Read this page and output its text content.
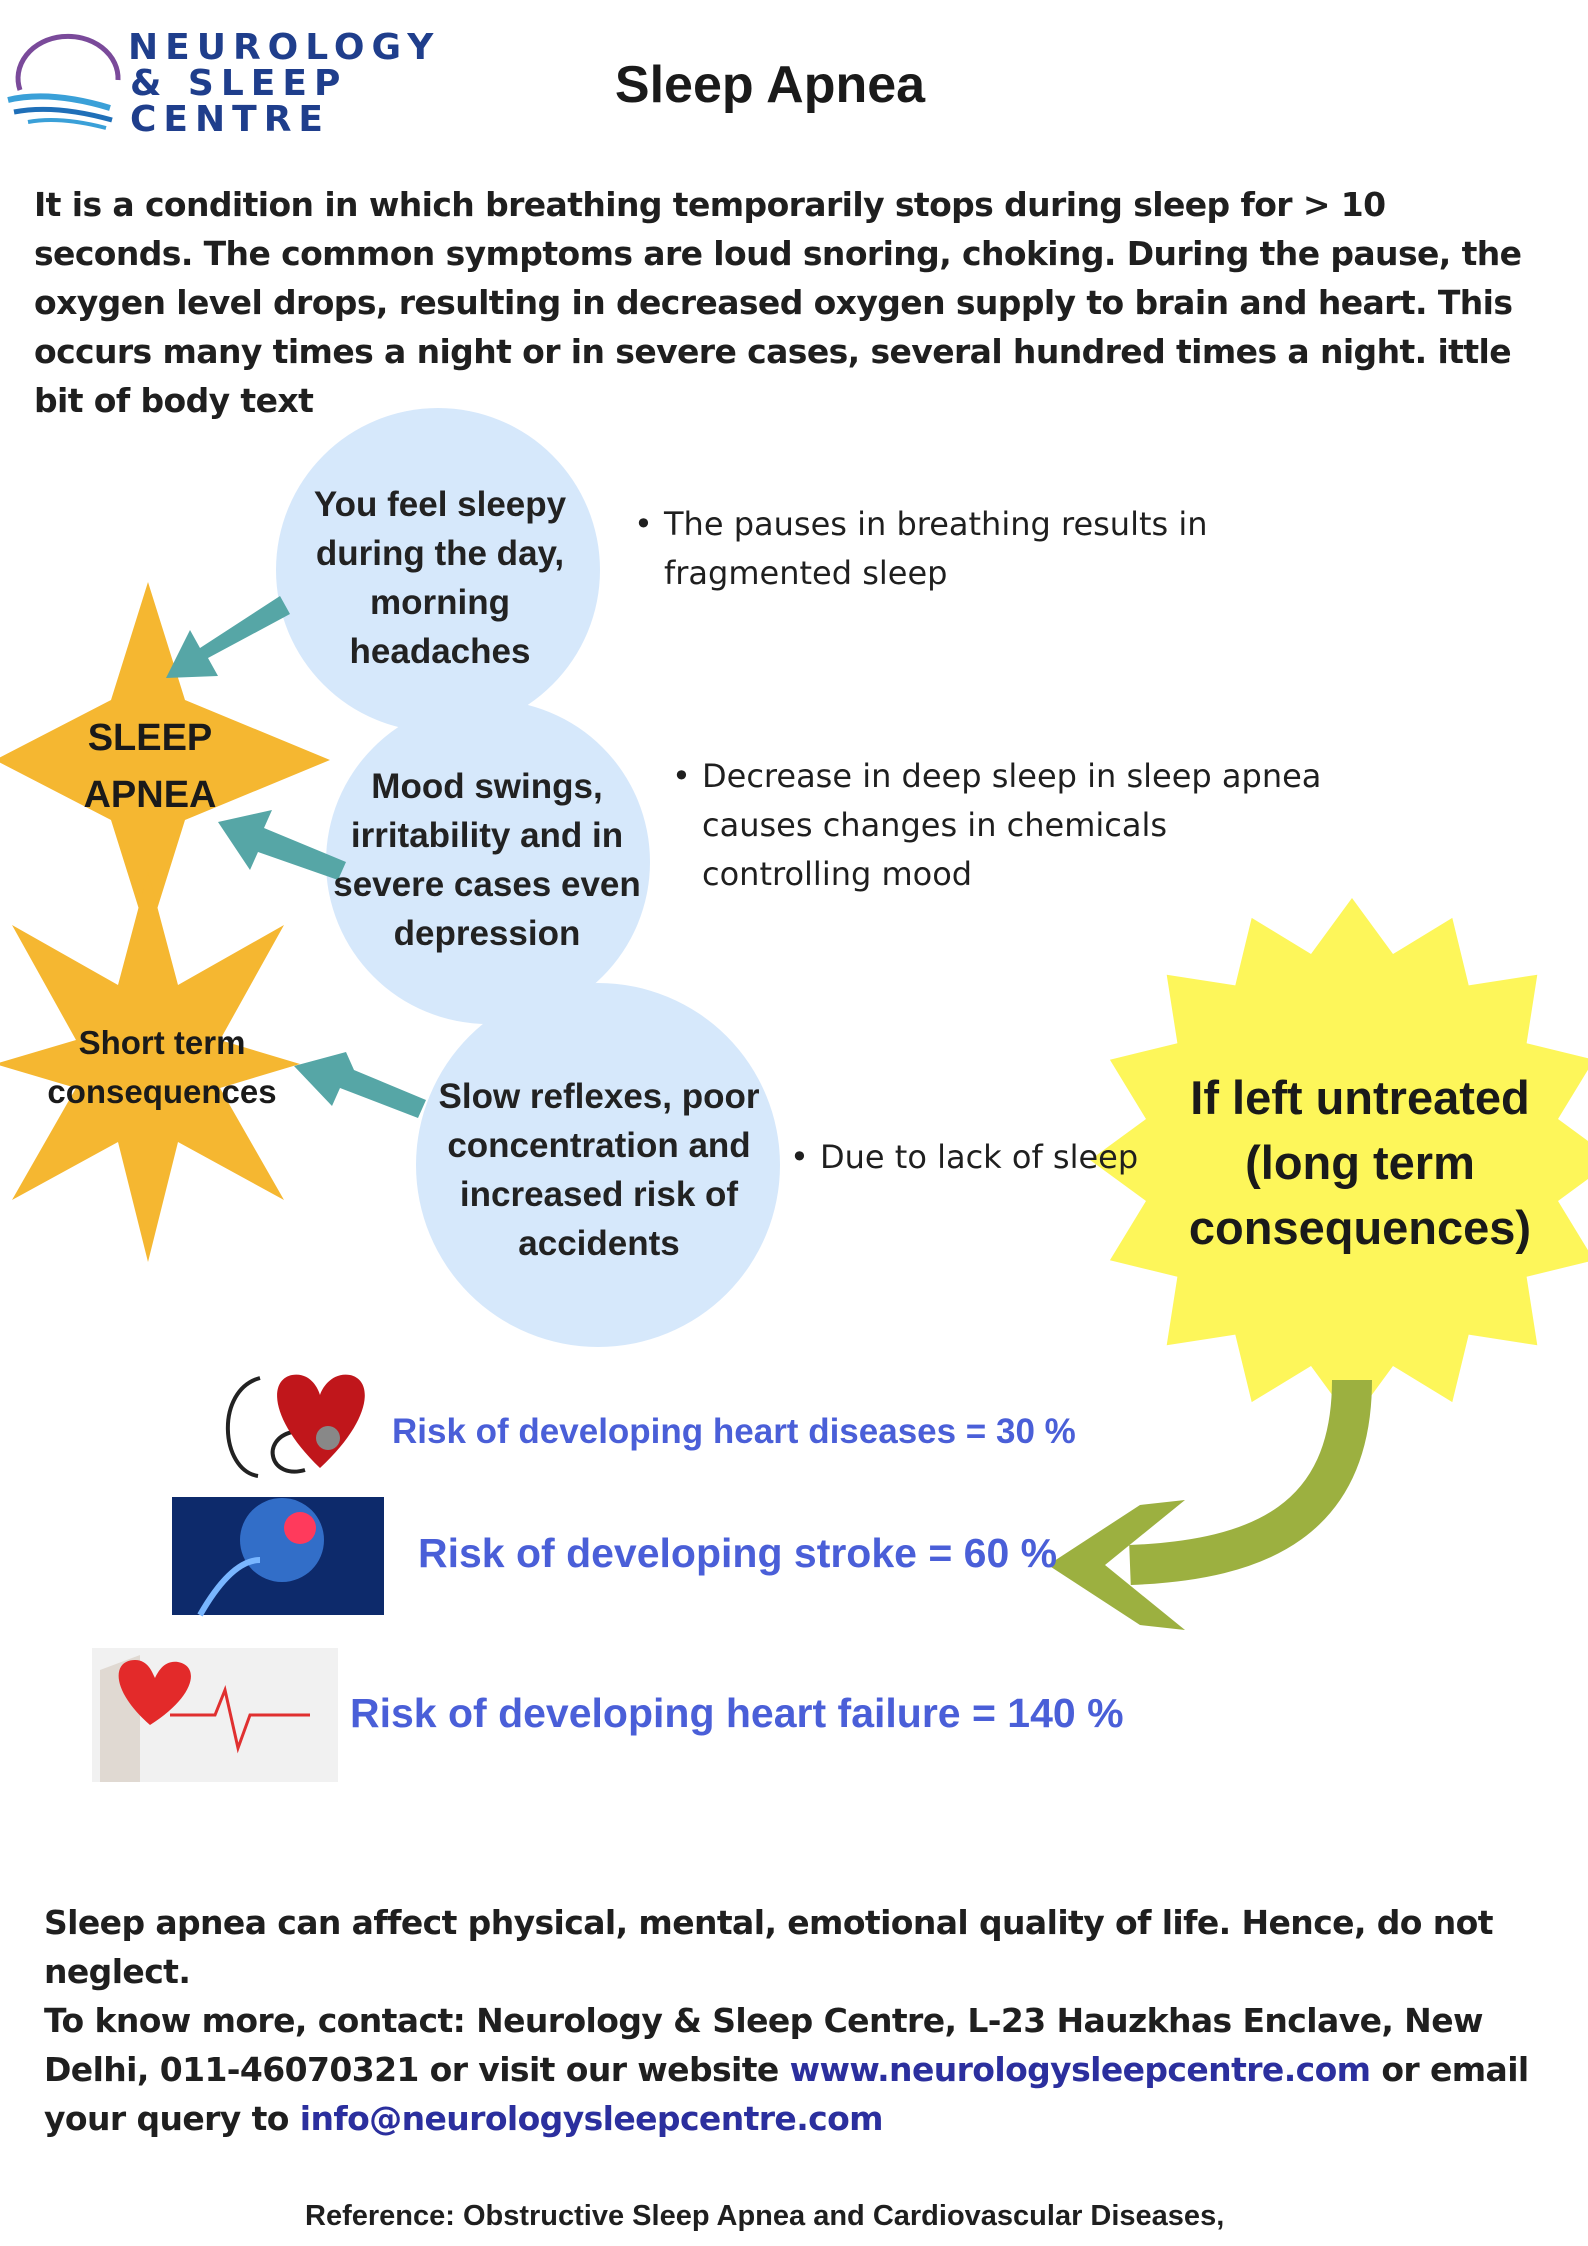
NEUROLOGY
& SLEEP
CENTRE
Sleep Apnea
It is a condition in which breathing temporarily stops during sleep for > 10 seconds. The common symptoms are loud snoring, choking. During the pause, the oxygen level drops, resulting in decreased oxygen supply to brain and heart. This occurs many times a night or in severe cases, several hundred times a night. ittle bit of body text
You feel sleepy during the day, morning headaches
Mood swings, irritability and in severe cases even depression
Slow reflexes, poor concentration and increased risk of accidents
SLEEP
APNEA
Short term
consequences
• The pauses in breathing results in fragmented sleep
• Decrease in deep sleep in sleep apnea causes changes in chemicals controlling mood
• Due to lack of sleep
If left untreated (long term consequences)
Risk of developing heart diseases = 30 %
Risk of developing stroke = 60 %
Risk of developing heart failure = 140 %
Sleep apnea can affect physical, mental, emotional quality of life. Hence, do not neglect.
To know more, contact: Neurology & Sleep Centre, L-23 Hauzkhas Enclave, New Delhi, 011-46070321 or visit our website www.neurologysleepcentre.com or email your query to info@neurologysleepcentre.com
Reference: Obstructive Sleep Apnea and Cardiovascular Diseases,
